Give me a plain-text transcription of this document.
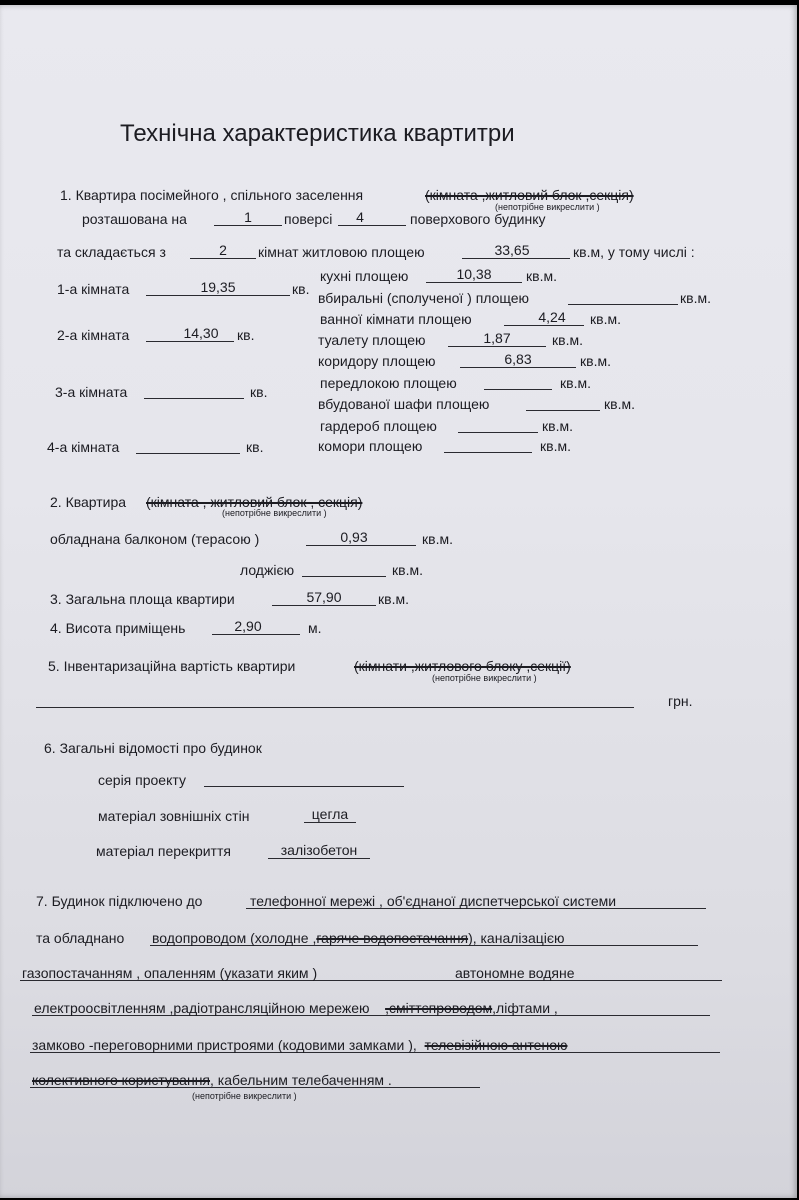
Технічна характеристика квартитри
1. Квартира посімейного , спільного заселення	(кімната ,житловий блок ,секція)
(непотрібне викреслити )
розташована на	1	поверсі	4	поверхового будинку
та складається з	2	кімнат житловою площею	33,65	кв.м, у тому числі :
1-а кімната	19,35	кв.
2-а кімната	14,30	кв.
3-а кімната	кв.
4-а кімната	кв.
кухні площею	10,38	кв.м.
вбиральні (сполученої ) площею	кв.м.
ванної кімнати площею	4,24	кв.м.
туалету площею	1,87	кв.м.
коридору площею	6,83	кв.м.
передлокою площею	кв.м.
вбудованої шафи площею	кв.м.
гардероб площею	кв.м.
комори площею	кв.м.
2. Квартира (кімната , житловий блок , секція)
(непотрібне викреслити )
обладнана балконом (терасою )	0,93	кв.м.
лоджією	кв.м.
3. Загальна площа квартири	57,90	кв.м.
4. Висота приміщень	2,90	м.
5. Інвентаризаційна вартість квартири	(кімнати ,житлового блоку ,секції)
(непотрібне викреслити )
грн.
6. Загальні відомості про будинок
серія проекту
матеріал зовнішніх стін	цегла
матеріал перекриття	залізобетон
7. Будинок підключено до	телефонної мережі , об'єднаної диспетчерської системи
та обладнано водопроводом (холодне ,гаряче водопостачання), каналізацією
газопостачанням , опаленням (указати яким )	автономне водяне
електроосвітленням ,радіотрансляційною мережею ,сміттєпроводом,ліфтами ,
замково -переговорними пристроями (кодовими замками ), телевізійною антеною
колективного користування, кабельним телебаченням .
(непотрібне викреслити )
